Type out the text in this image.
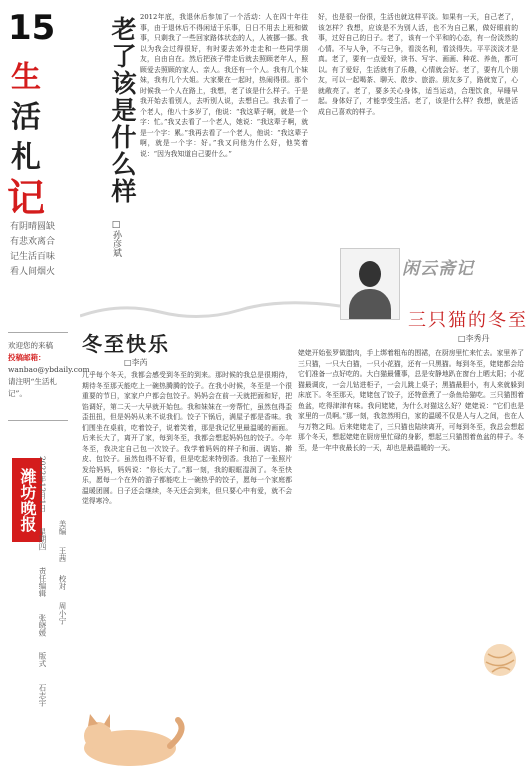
15
生
活
札
记
有阴晴圆缺
有悲欢离合
记生活百味
看人间烟火
欢迎您的来稿
投稿邮箱：
wanbao@ybdaily.com
请注明“生活札记”。
潍坊晚报 2022年12月1日 星期四 责任编辑 张晓媛 版式 石志宇
美编 王茜 校对 周小宁
老了该是什么样
□孙彦斌
2012年底，我退休后参加了一个活动：人在四十年往事，由于退休后不得闲适于乐事，日日不用去上班和做事，只剩我了一些回家路体状态的人，人被挪一挪。我以为我会过得很好，有时要去郊外走走和一些同学朋友，自由自在。然后把孩子带走后就去照顾老年人，照顾爱去照顾的家人、亲人。我还有一个人。我有几个妹妹，我有几个大姐。大家聚在一起时，热闹得很。那个时候我一个人在路上，我想，老了该是什么样子。于是我开始去看别人，去听别人说，去想自己。我去看了一个老人，他八十多岁了，他说：“我这辈子啊，就是一个字：忙。”我又去看了一个老人，她说：“我这辈子啊，就是一个字：累。”我再去看了一个老人，他说：“我这辈子啊，就是一个字：好。”我又问他为什么好，他笑着说：“因为我知道自己要什么。”
好，也是很一份很，生活也就这样平淡。如果有一天，自己老了，该怎样？我想，应该是不为别人活，也不为自己累，做好眼前的事，过好自己的日子。老了，该有一个平和的心态，有一份淡然的心情。不与人争，不与己争，看淡名利，看淡得失。平平淡淡才是真。老了，要有一点爱好，读书、写字、画画、种花、养鱼，都可以。有了爱好，生活就有了乐趣，心情就会好。老了，要有几个朋友，可以一起喝茶、聊天、散步、旅游。朋友多了，路就宽了，心就敞亮了。老了，要多关心身体，适当运动，合理饮食，早睡早起。身体好了，才能享受生活。老了，该是什么样？我想，就是活成自己喜欢的样子。
闲云斋记
冬至快乐
□李芮
几乎每个冬天，我都会感受到冬至的到来。那时候的我总是很期待，期待冬至那天能吃上一碗热腾腾的饺子。在我小时候，冬至是一个很重要的节日，家家户户都会包饺子。妈妈会在前一天就把面和好，把馅调好，第二天一大早就开始包。我和妹妹在一旁帮忙，虽然包得歪歪扭扭，但是妈妈从来不说我们。饺子下锅后，满屋子都是香味。我们围坐在桌前，吃着饺子，说着笑着，那是我记忆里最温暖的画面。后来长大了，离开了家，每到冬至，我都会想起妈妈包的饺子。今年冬至，我决定自己包一次饺子。我学着妈妈的样子和面、调馅、擀皮、包饺子。虽然包得不好看，但是吃起来特别香。我拍了一张照片发给妈妈，妈妈说：“你长大了。”那一刻，我的眼眶湿润了。冬至快乐，愿每一个在外的游子都能吃上一碗热乎的饺子，愿每一个家庭都温暖团圆。日子还会继续，冬天还会到来，但只要心中有爱，就不会觉得寒冷。
三只猫的冬至
□李秀丹
姥姥开始张罗做腊肉，手上绑着粗布的围裙，在厨房里忙来忙去。家里养了三只猫，一只大白猫，一只小花猫，还有一只黑猫。每到冬至，姥姥都会给它们准备一点好吃的。大白猫最懂事，总是安静地趴在窗台上晒太阳；小花猫最调皮，一会儿钻进柜子，一会儿跳上桌子；黑猫最胆小，有人来就躲到床底下。冬至那天，姥姥包了饺子，还特意煮了一条鱼给猫吃。三只猫围着鱼盆，吃得津津有味。我问姥姥，为什么对猫这么好？姥姥说：“它们也是家里的一员啊。”那一刻，我忽然明白，家的温暖不仅是人与人之间，也在人与万物之间。后来姥姥走了，三只猫也陆续离开，可每到冬至，我总会想起那个冬天，想起姥姥在厨房里忙碌的身影，想起三只猫围着鱼盆的样子。冬至，是一年中夜最长的一天，却也是最温暖的一天。
